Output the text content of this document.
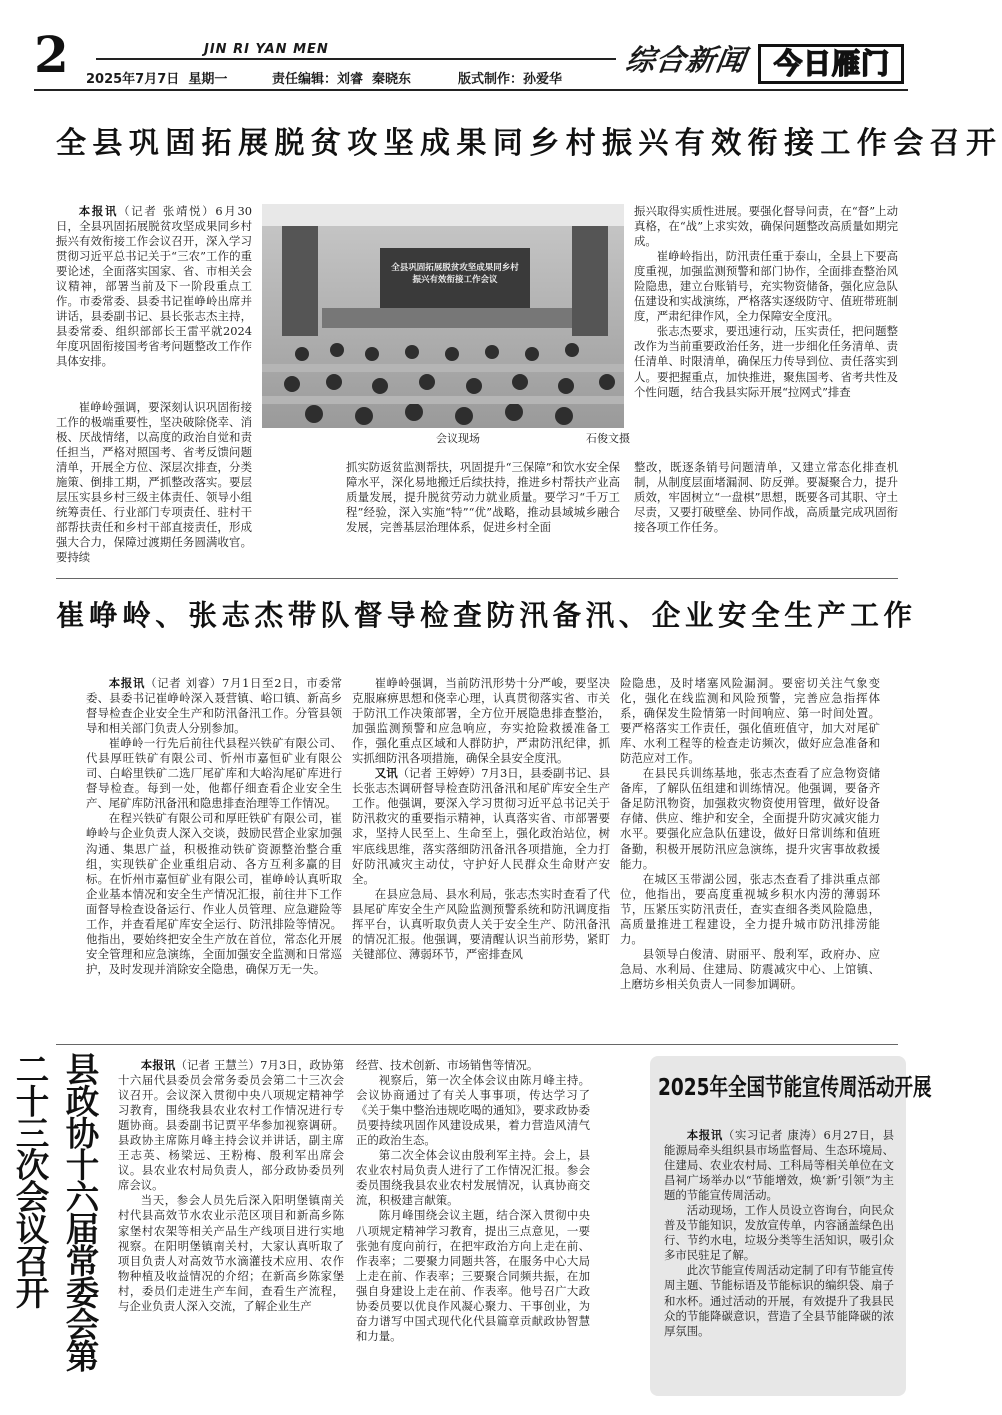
2	JIN RI YAN MEN
2025年7月7日  星期一	责任编辑：刘睿  秦晓东	版式制作：孙爱华
综合新闻 今日雁门
全县巩固拓展脱贫攻坚成果同乡村振兴有效衔接工作会召开

本报讯（记者 张靖悦）6月30日，全县巩固拓展脱贫攻坚成果同乡村振兴有效衔接工作会议召开，深入学习贯彻习近平总书记关于“三农”工作的重要论述，全面落实国家、省、市相关会议精神，部署当前及下一阶段重点工作。市委常委、县委书记崔峥岭出席并讲话，县委副书记、县长张志杰主持，县委常委、组织部部长王雷平就2024年度巩固衔接国考省考问题整改工作作具体安排。

崔峥岭强调，要深刻认识巩固衔接工作的极端重要性，坚决破除侥幸、消极、厌战情绪，以高度的政治自觉和责任担当，严格对照国考、省考反馈问题清单，开展全方位、深层次排查，分类施策、倒排工期，严抓整改落实。要层层压实县乡村三级主体责任、领导小组统筹责任、行业部门专项责任、驻村干部帮扶责任和乡村干部直接责任，形成强大合力，保障过渡期任务圆满收官。要持续

全县巩固拓展脱贫攻坚成果同乡村振兴有效衔接工作会议
会议现场	石俊文摄
抓实防返贫监测帮扶，巩固提升“三保障”和饮水安全保障水平，深化易地搬迁后续扶持，推进乡村帮扶产业高质量发展，提升脱贫劳动力就业质量。要学习“千万工程”经验，深入实施“特”“优”战略，推动县域城乡融合发展，完善基层治理体系，促进乡村全面
振兴取得实质性进展。要强化督导问责，在“督”上动真格，在“战”上求实效，确保问题整改高质量如期完成。

崔峥岭指出，防汛责任重于泰山，全县上下要高度重视，加强监测预警和部门协作，全面排查整治风险隐患，建立台账销号，充实物资储备，强化应急队伍建设和实战演练，严格落实逐级防守、值班带班制度，严肃纪律作风，全力保障安全度汛。

张志杰要求，要迅速行动，压实责任，把问题整改作为当前重要政治任务，进一步细化任务清单、责任清单、时限清单，确保压力传导到位、责任落实到人。要把握重点，加快推进，聚焦国考、省考共性及个性问题，结合我县实际开展“拉网式”排查

整改，既逐条销号问题清单，又建立常态化排查机制，从制度层面堵漏洞、防反弹。要凝聚合力，提升质效，牢固树立“一盘棋”思想，既要各司其职、守土尽责，又要打破壁垒、协同作战，高质量完成巩固衔接各项工作任务。
崔峥岭、张志杰带队督导检查防汛备汛、企业安全生产工作

本报讯（记者 刘睿）7月1日至2日，市委常委、县委书记崔峥岭深入聂营镇、峪口镇、新高乡督导检查企业安全生产和防汛备汛工作。分管县领导和相关部门负责人分别参加。

崔峥岭一行先后前往代县程兴铁矿有限公司、代县厚旺铁矿有限公司、忻州市嘉恒矿业有限公司、白峪里铁矿二选厂尾矿库和大峪沟尾矿库进行督导检查。每到一处，他都仔细查看企业安全生产、尾矿库防汛备汛和隐患排查治理等工作情况。

在程兴铁矿有限公司和厚旺铁矿有限公司，崔峥岭与企业负责人深入交谈，鼓励民营企业家加强沟通、集思广益，积极推动铁矿资源整治整合重组，实现铁矿企业重组启动、各方互利多赢的目标。在忻州市嘉恒矿业有限公司，崔峥岭认真听取企业基本情况和安全生产情况汇报，前往井下工作面督导检查设备运行、作业人员管理、应急避险等工作，并查看尾矿库安全运行、防汛排险等情况。他指出，要始终把安全生产放在首位，常态化开展安全管理和应急演练，全面加强安全监测和日常巡护，及时发现并消除安全隐患，确保万无一失。

崔峥岭强调，当前防汛形势十分严峻，要坚决克服麻痹思想和侥幸心理，认真贯彻落实省、市关于防汛工作决策部署，全方位开展隐患排查整治，加强监测预警和应急响应，夯实抢险救援准备工作，强化重点区域和人群防护，严肃防汛纪律，抓实抓细防汛各项措施，确保全县安全度汛。

又讯（记者 王婷婷）7月3日，县委副书记、县长张志杰调研督导检查防汛备汛和尾矿库安全生产工作。他强调，要深入学习贯彻习近平总书记关于防汛救灾的重要指示精神，认真落实省、市部署要求，坚持人民至上、生命至上，强化政治站位，树牢底线思维，落实落细防汛备汛各项措施，全力打好防汛减灾主动仗，守护好人民群众生命财产安全。

在县应急局、县水利局，张志杰实时查看了代县尾矿库安全生产风险监测预警系统和防汛调度指挥平台，认真听取负责人关于安全生产、防汛备汛的情况汇报。他强调，要清醒认识当前形势，紧盯关键部位、薄弱环节，严密排查风

险隐患，及时堵塞风险漏洞。要密切关注气象变化，强化在线监测和风险预警，完善应急指挥体系，确保发生险情第一时间响应、第一时间处置。要严格落实工作责任，强化值班值守，加大对尾矿库、水利工程等的检查走访频次，做好应急准备和防范应对工作。

在县民兵训练基地，张志杰查看了应急物资储备库，了解队伍组建和训练情况。他强调，要备齐备足防汛物资，加强救灾物资使用管理，做好设备存储、供应、维护和安全，全面提升防灾减灾能力水平。要强化应急队伍建设，做好日常训练和值班备勤，积极开展防汛应急演练，提升灾害事故救援能力。

在城区玉带湖公园，张志杰查看了排洪重点部位，他指出，要高度重视城乡积水内涝的薄弱环节，压紧压实防汛责任，查实查细各类风险隐患，高质量推进工程建设，全力提升城市防汛排涝能力。

县领导白俊清、尉丽平、殷利军，政府办、应急局、水利局、住建局、防震减灾中心、上馆镇、上磨坊乡相关负责人一同参加调研。

县政协十六届常委会第二十三次会议召开	本报讯（记者 王慧兰）7月3日，政协第十六届代县委员会常务委员会第二十三次会议召开。会议深入贯彻中央八项规定精神学习教育，围绕我县农业农村工作情况进行专题协商。县委副书记贾平华参加视察调研。县政协主席陈月峰主持会议并讲话，副主席王志英、杨梁远、王粉梅、殷利军出席会议。县农业农村局负责人，部分政协委员列席会议。

当天，参会人员先后深入阳明堡镇南关村代县高效节水农业示范区项目和新高乡陈家堡村农架等相关产品生产线项目进行实地视察。在阳明堡镇南关村，大家认真听取了项目负责人对高效节水滴灌技术应用、农作物种植及收益情况的介绍；在新高乡陈家堡村，委员们走进生产车间，查看生产流程，与企业负责人深入交流，了解企业生产

经营、技术创新、市场销售等情况。

视察后，第一次全体会议由陈月峰主持。会议协商通过了有关人事事项，传达学习了《关于集中整治违规吃喝的通知》，要求政协委员要持续巩固作风建设成果，着力营造风清气正的政治生态。

第二次全体会议由殷利军主持。会上，县农业农村局负责人进行了工作情况汇报。参会委员围绕我县农业农村发展情况，认真协商交流，积极建言献策。

陈月峰围绕会议主题，结合深入贯彻中央八项规定精神学习教育，提出三点意见，一要张弛有度向前行，在把牢政治方向上走在前、作表率；二要聚力同题共答，在服务中心大局上走在前、作表率；三要聚合同频共振，在加强自身建设上走在前、作表率。他号召广大政协委员要以优良作风凝心聚力、干事创业，为奋力谱写中国式现代化代县篇章贡献政协智慧和力量。

2025年全国节能宣传周活动开展

本报讯（实习记者 康涛）6月27日，县能源局牵头组织县市场监督局、生态环境局、住建局、农业农村局、工科局等相关单位在文昌祠广场举办以“节能增效，焕‘新’引领”为主题的节能宣传周活动。

活动现场，工作人员设立咨询台，向民众普及节能知识，发放宣传单，内容涵盖绿色出行、节约水电，垃圾分类等生活知识，吸引众多市民驻足了解。

此次节能宣传周活动定制了印有节能宣传周主题、节能标语及节能标识的编织袋、扇子和水杯。通过活动的开展，有效提升了我县民众的节能降碳意识，营造了全县节能降碳的浓厚氛围。
